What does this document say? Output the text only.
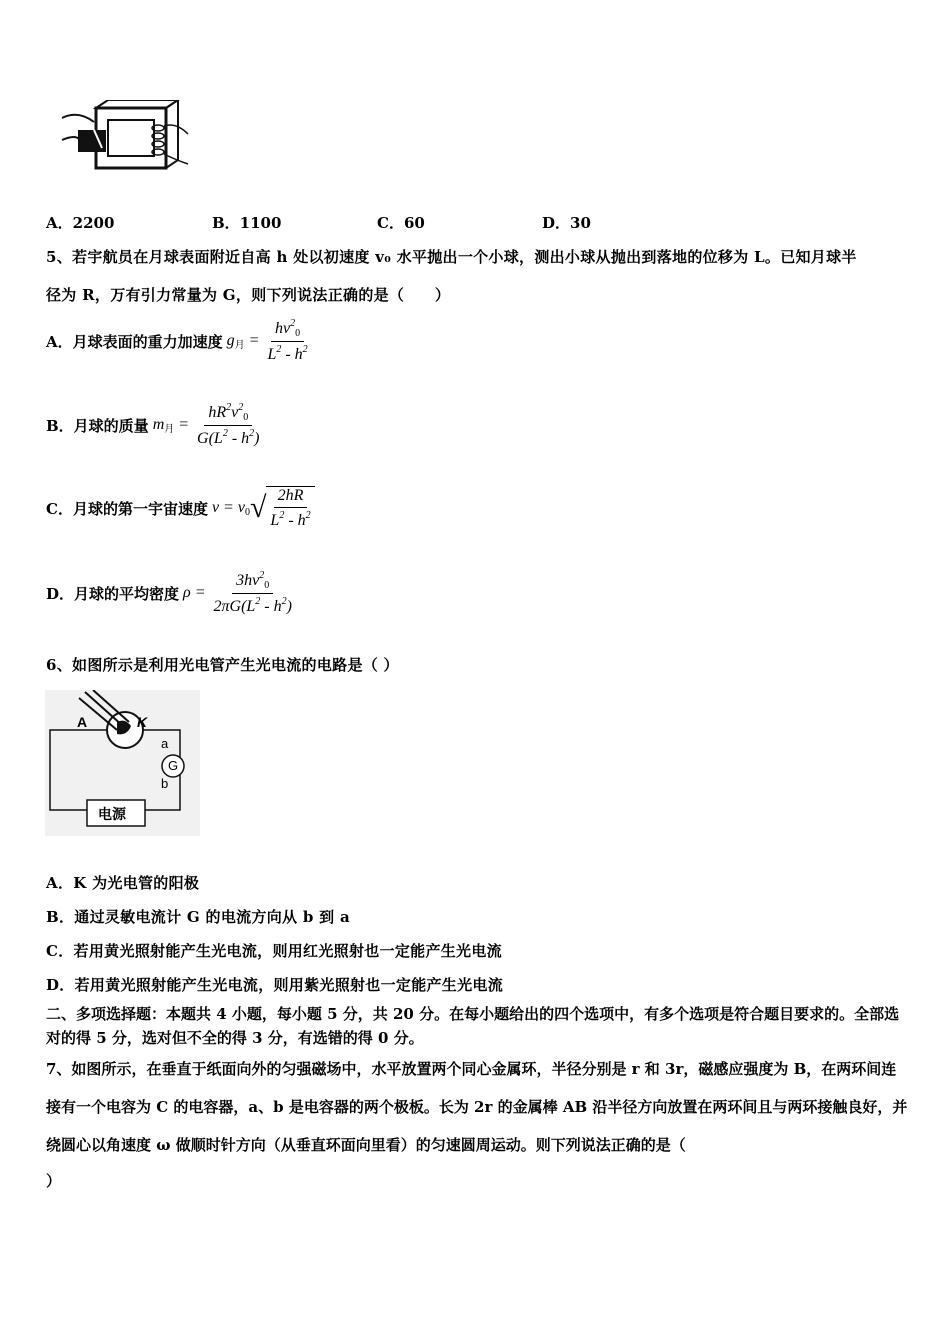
A．2200	B．1100	C．60	D．30
5、若宇航员在月球表面附近自高 h 处以初速度 v₀ 水平抛出一个小球，测出小球从抛出到落地的位移为 L。已知月球半
径为 R，万有引力常量为 G，则下列说法正确的是（　　）
A．月球表面的重力加速度 $g_月 = \frac{hv^2_0}{L^2 - h^2}$
B．月球的质量 $m_月 = \frac{hR^2v^2_0}{G(L^2 - h^2)}$
C．月球的第一宇宙速度 $v = v_0$ √ $\frac{2hR}{L^2 - h^2}$
D．月球的平均密度 $\rho = \frac{3hv^2_0}{2\pi G(L^2 - h^2)}$
6、如图所示是利用光电管产生光电流的电路是（ ）
A	K
a
b
G
电源
A．K 为光电管的阳极
B．通过灵敏电流计 G 的电流方向从 b 到 a
C．若用黄光照射能产生光电流，则用红光照射也一定能产生光电流
D．若用黄光照射能产生光电流，则用紫光照射也一定能产生光电流
二、多项选择题：本题共 4 小题，每小题 5 分，共 20 分。在每小题给出的四个选项中，有多个选项是符合题目要求的。全部选对的得 5 分，选对但不全的得 3 分，有选错的得 0 分。
7、如图所示，在垂直于纸面向外的匀强磁场中，水平放置两个同心金属环，半径分别是 r 和 3r，磁感应强度为 B，在两环间连接有一个电容为 C 的电容器，a、b 是电容器的两个极板。长为 2r 的金属棒 AB 沿半径方向放置在两环间且与两环接触良好，并绕圆心以角速度 ω 做顺时针方向（从垂直环面向里看）的匀速圆周运动。则下列说法正确的是（
）
